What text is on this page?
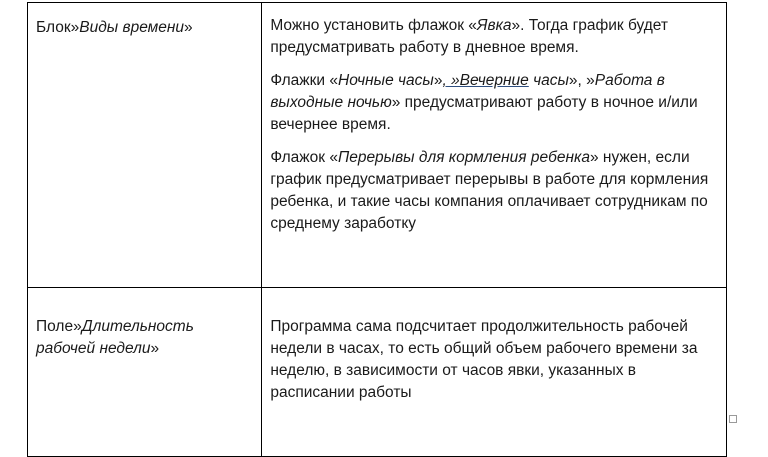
Блок»Виды времени»	Можно установить флажок «Явка». Тогда график будет предусматривать работу в дневное время.

Флажки «Ночные часы», »Вечерние часы», »Работа в выходные ночью» предусматривают работу в ночное и/или вечернее время.

Флажок «Перерывы для кормления ребенка» нужен, если график предусматривает перерывы в работе для кормления ребенка, и такие часы компания оплачивает сотрудникам по среднему заработку

Поле»Длительность рабочей недели»	Программа сама подсчитает продолжительность рабочей недели в часах, то есть общий объем рабочего времени за неделю, в зависимости от часов явки, указанных в расписании работы
